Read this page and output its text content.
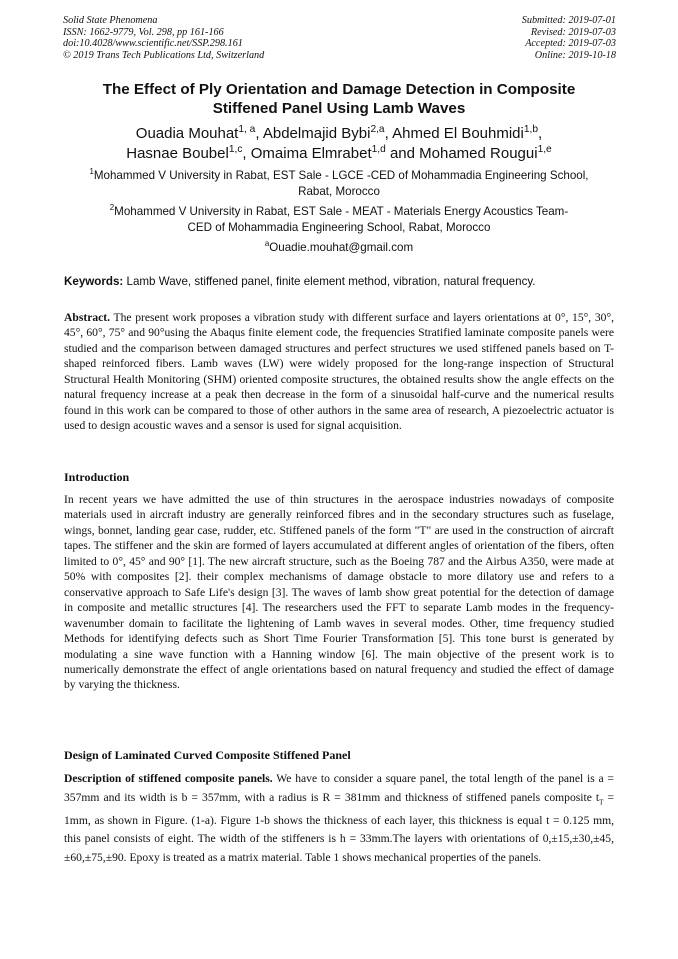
Solid State Phenomena
ISSN: 1662-9779, Vol. 298, pp 161-166
doi:10.4028/www.scientific.net/SSP.298.161
© 2019 Trans Tech Publications Ltd, Switzerland
Submitted: 2019-07-01
Revised: 2019-07-03
Accepted: 2019-07-03
Online: 2019-10-18
The Effect of Ply Orientation and Damage Detection in Composite
Stiffened Panel Using Lamb Waves
Ouadia Mouhat$^{1, a}$, Abdelmajid Bybi$^{2,a}$, Ahmed El Bouhmidi$^{1,b}$,
Hasnae Boubel$^{1,c}$, Omaima Elmrabet$^{1,d}$ and Mohamed Rougui$^{1,e}$
$^1$Mohammed V University in Rabat, EST Sale - LGCE -CED of Mohammadia Engineering School,
Rabat, Morocco
$^2$Mohammed V University in Rabat, EST Sale - MEAT - Materials Energy Acoustics Team-
CED of Mohammadia Engineering School, Rabat, Morocco
$^a$Ouadie.mouhat@gmail.com
Keywords: Lamb Wave, stiffened panel, finite element method, vibration, natural frequency.
Abstract. The present work proposes a vibration study with different surface and layers orientations at 0°, 15°, 30°, 45°, 60°, 75° and 90°using the Abaqus finite element code, the frequencies Stratified laminate composite panels were studied and the comparison between damaged structures and perfect structures we used stiffened panels based on T-shaped reinforced fibers. Lamb waves (LW) were widely proposed for the long-range inspection of Structural Structural Health Monitoring (SHM) oriented composite structures, the obtained results show the angle effects on the natural frequency increase at a peak then decrease in the form of a sinusoidal half-curve and the numerical results found in this work can be compared to those of other authors in the same area of research, A piezoelectric actuator is used to design acoustic waves and a sensor is used for signal acquisition.
Introduction
In recent years we have admitted the use of thin structures in the aerospace industries nowadays of composite materials used in aircraft industry are generally reinforced fibres and in the secondary structures such as fuselage, wings, bonnet, landing gear case, rudder, etc. Stiffened panels of the form "T" are used in the construction of aircraft tapes. The stiffener and the skin are formed of layers accumulated at different angles of orientation of the fibers, often limited to 0°, 45° and 90° [1]. The new aircraft structure, such as the Boeing 787 and the Airbus A350, were made at 50% with composites [2]. their complex mechanisms of damage obstacle to more dilatory use and refers to a conservative approach to Safe Life's design [3]. The waves of lamb show great potential for the detection of damage in composite and metallic structures [4]. The researchers used the FFT to separate Lamb modes in the frequency-wavenumber domain to facilitate the lightening of Lamb waves in several modes. Other, time frequency studied Methods for identifying defects such as Short Time Fourier Transformation [5]. This tone burst is generated by modulating a sine wave function with a Hanning window [6]. The main objective of the present work is to numerically demonstrate the effect of angle orientations based on natural frequency and studied the effect of damage by varying the thickness.
Design of Laminated Curved Composite Stiffened Panel
Description of stiffened composite panels. We have to consider a square panel, the total length of the panel is a = 357mm and its width is b = 357mm, with a radius is R = 381mm and thickness of stiffened panels composite $t_T = 1mm$, as shown in Figure. (1-a). Figure 1-b shows the thickness of each layer, this thickness is equal t = 0.125 mm, this panel consists of eight. The width of the stiffeners is h = 33mm.The layers with orientations of 0,±15,±30,±45,±60,±75,±90. Epoxy is treated as a matrix material. Table 1 shows mechanical properties of the panels.
